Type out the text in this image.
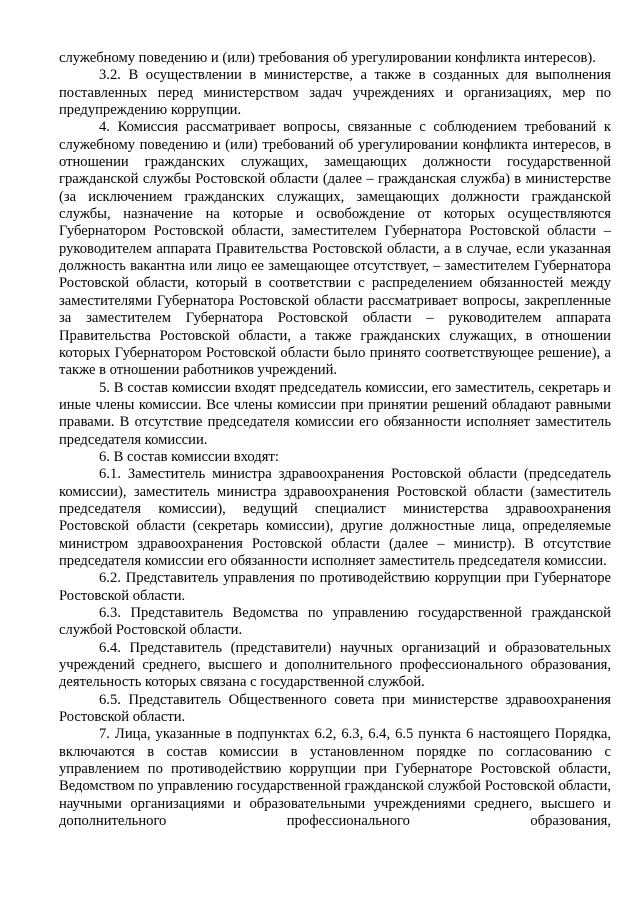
служебному поведению и (или) требования об урегулировании конфликта интересов).

3.2. В осуществлении в министерстве, а также в созданных для выполнения поставленных перед министерством задач учреждениях и организациях, мер по предупреждению коррупции.

4. Комиссия рассматривает вопросы, связанные с соблюдением требований к служебному поведению и (или) требований об урегулировании конфликта интересов, в отношении гражданских служащих, замещающих должности государственной гражданской службы Ростовской области (далее – гражданская служба) в министерстве (за исключением гражданских служащих, замещающих должности гражданской службы, назначение на которые и освобождение от которых осуществляются Губернатором Ростовской области, заместителем Губернатора Ростовской области – руководителем аппарата Правительства Ростовской области, а в случае, если указанная должность вакантна или лицо ее замещающее отсутствует, – заместителем Губернатора Ростовской области, который в соответствии с распределением обязанностей между заместителями Губернатора Ростовской области рассматривает вопросы, закрепленные за заместителем Губернатора Ростовской области – руководителем аппарата Правительства Ростовской области, а также гражданских служащих, в отношении которых Губернатором Ростовской области было принято соответствующее решение), а также в отношении работников учреждений.

5. В состав комиссии входят председатель комиссии, его заместитель, секретарь и иные члены комиссии. Все члены комиссии при принятии решений обладают равными правами. В отсутствие председателя комиссии его обязанности исполняет заместитель председателя комиссии.

6. В состав комиссии входят:

6.1. Заместитель министра здравоохранения Ростовской области (председатель комиссии), заместитель министра здравоохранения Ростовской области (заместитель председателя комиссии), ведущий специалист министерства здравоохранения Ростовской области (секретарь комиссии), другие должностные лица, определяемые министром здравоохранения Ростовской области (далее – министр). В отсутствие председателя комиссии его обязанности исполняет заместитель председателя комиссии.

6.2. Представитель управления по противодействию коррупции при Губернаторе Ростовской области.

6.3. Представитель Ведомства по управлению государственной гражданской службой Ростовской области.

6.4. Представитель (представители) научных организаций и образовательных учреждений среднего, высшего и дополнительного профессионального образования, деятельность которых связана с государственной службой.

6.5. Представитель Общественного совета при министерстве здравоохранения Ростовской области.

7. Лица, указанные в подпунктах 6.2, 6.3, 6.4, 6.5 пункта 6 настоящего Порядка, включаются в состав комиссии в установленном порядке по согласованию с управлением по противодействию коррупции при Губернаторе Ростовской области, Ведомством по управлению государственной гражданской службой Ростовской области, научными организациями и образовательными учреждениями среднего, высшего и дополнительного профессионального образования,
